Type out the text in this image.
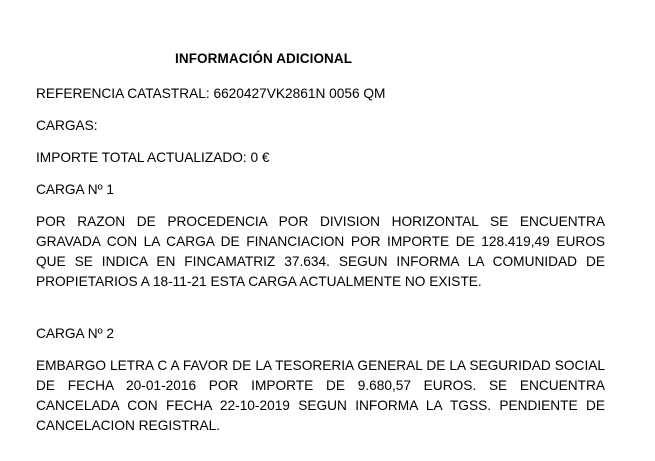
INFORMACIÓN ADICIONAL
REFERENCIA CATASTRAL: 6620427VK2861N 0056 QM
CARGAS:
IMPORTE TOTAL ACTUALIZADO: 0 €
CARGA Nº 1
POR RAZON DE PROCEDENCIA POR DIVISION HORIZONTAL SE ENCUENTRA GRAVADA CON LA CARGA DE FINANCIACION POR IMPORTE DE 128.419,49 EUROS QUE SE INDICA EN FINCAMATRIZ 37.634. SEGUN INFORMA LA COMUNIDAD DE PROPIETARIOS A 18-11-21 ESTA CARGA ACTUALMENTE NO EXISTE.
CARGA Nº 2
EMBARGO LETRA C A FAVOR DE LA TESORERIA GENERAL DE LA SEGURIDAD SOCIAL DE FECHA 20-01-2016 POR IMPORTE DE 9.680,57 EUROS. SE ENCUENTRA CANCELADA CON FECHA 22-10-2019 SEGUN INFORMA LA TGSS. PENDIENTE DE CANCELACION REGISTRAL.
